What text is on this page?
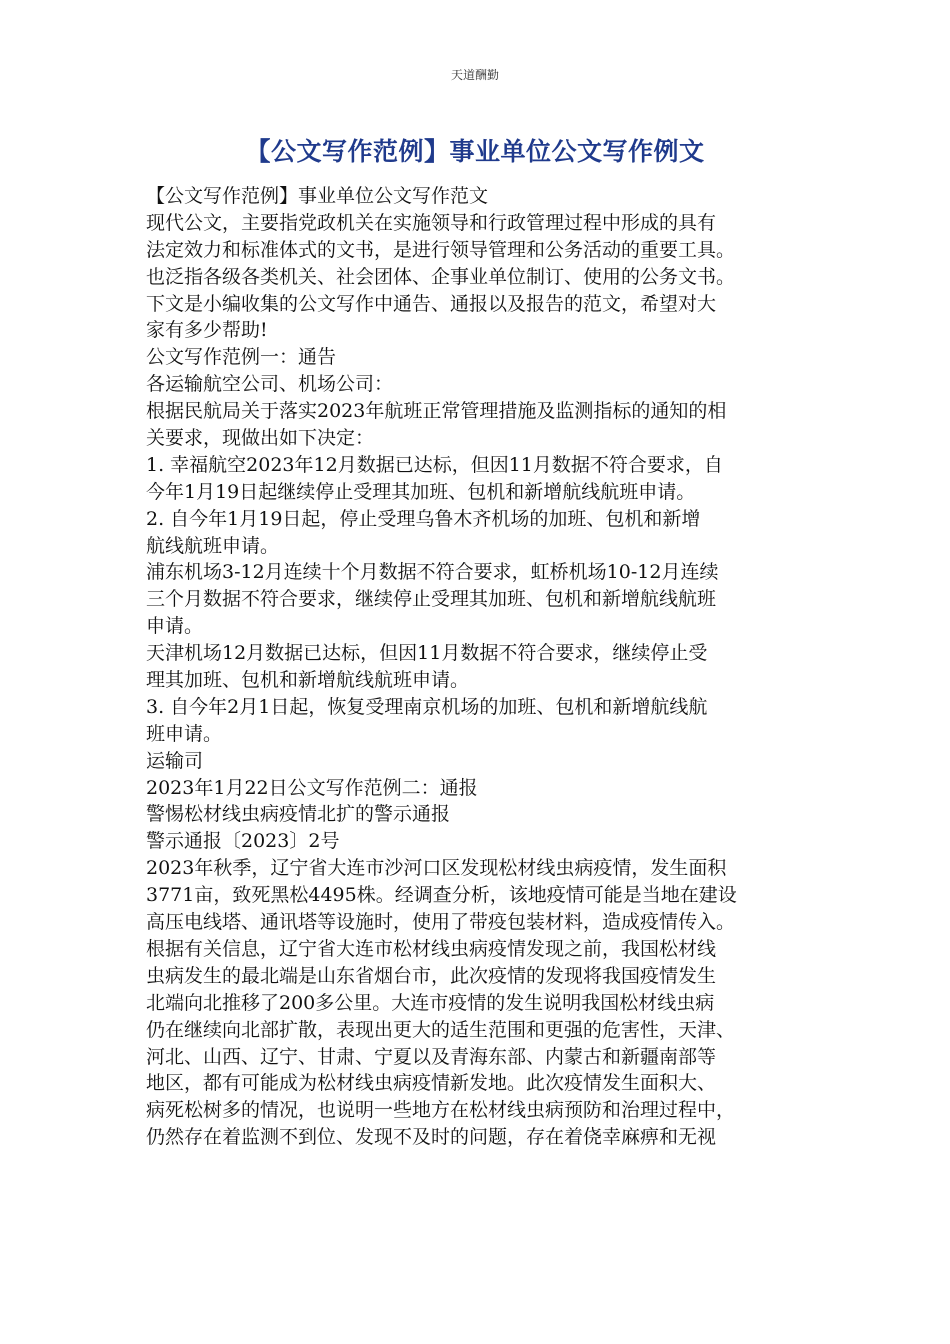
天道酬勤
【公文写作范例】事业单位公文写作例文
【公文写作范例】事业单位公文写作范文
现代公文，主要指党政机关在实施领导和行政管理过程中形成的具有
法定效力和标准体式的文书，是进行领导管理和公务活动的重要工具。
也泛指各级各类机关、社会团体、企事业单位制订、使用的公务文书。
下文是小编收集的公文写作中通告、通报以及报告的范文，希望对大
家有多少帮助!
公文写作范例一：通告
各运输航空公司、机场公司：
根据民航局关于落实2023年航班正常管理措施及监测指标的通知的相
关要求，现做出如下决定：
1. 幸福航空2023年12月数据已达标，但因11月数据不符合要求，自
今年1月19日起继续停止受理其加班、包机和新增航线航班申请。
2. 自今年1月19日起，停止受理乌鲁木齐机场的加班、包机和新增
航线航班申请。
浦东机场3-12月连续十个月数据不符合要求，虹桥机场10-12月连续
三个月数据不符合要求，继续停止受理其加班、包机和新增航线航班
申请。
天津机场12月数据已达标，但因11月数据不符合要求，继续停止受
理其加班、包机和新增航线航班申请。
3. 自今年2月1日起，恢复受理南京机场的加班、包机和新增航线航
班申请。
运输司
2023年1月22日公文写作范例二：通报
警惕松材线虫病疫情北扩的警示通报
警示通报〔2023〕2号
2023年秋季，辽宁省大连市沙河口区发现松材线虫病疫情，发生面积
3771亩，致死黑松4495株。经调查分析，该地疫情可能是当地在建设
高压电线塔、通讯塔等设施时，使用了带疫包装材料，造成疫情传入。
根据有关信息，辽宁省大连市松材线虫病疫情发现之前，我国松材线
虫病发生的最北端是山东省烟台市，此次疫情的发现将我国疫情发生
北端向北推移了200多公里。大连市疫情的发生说明我国松材线虫病
仍在继续向北部扩散，表现出更大的适生范围和更强的危害性，天津、
河北、山西、辽宁、甘肃、宁夏以及青海东部、内蒙古和新疆南部等
地区，都有可能成为松材线虫病疫情新发地。此次疫情发生面积大、
病死松树多的情况，也说明一些地方在松材线虫病预防和治理过程中，
仍然存在着监测不到位、发现不及时的问题，存在着侥幸麻痹和无视
